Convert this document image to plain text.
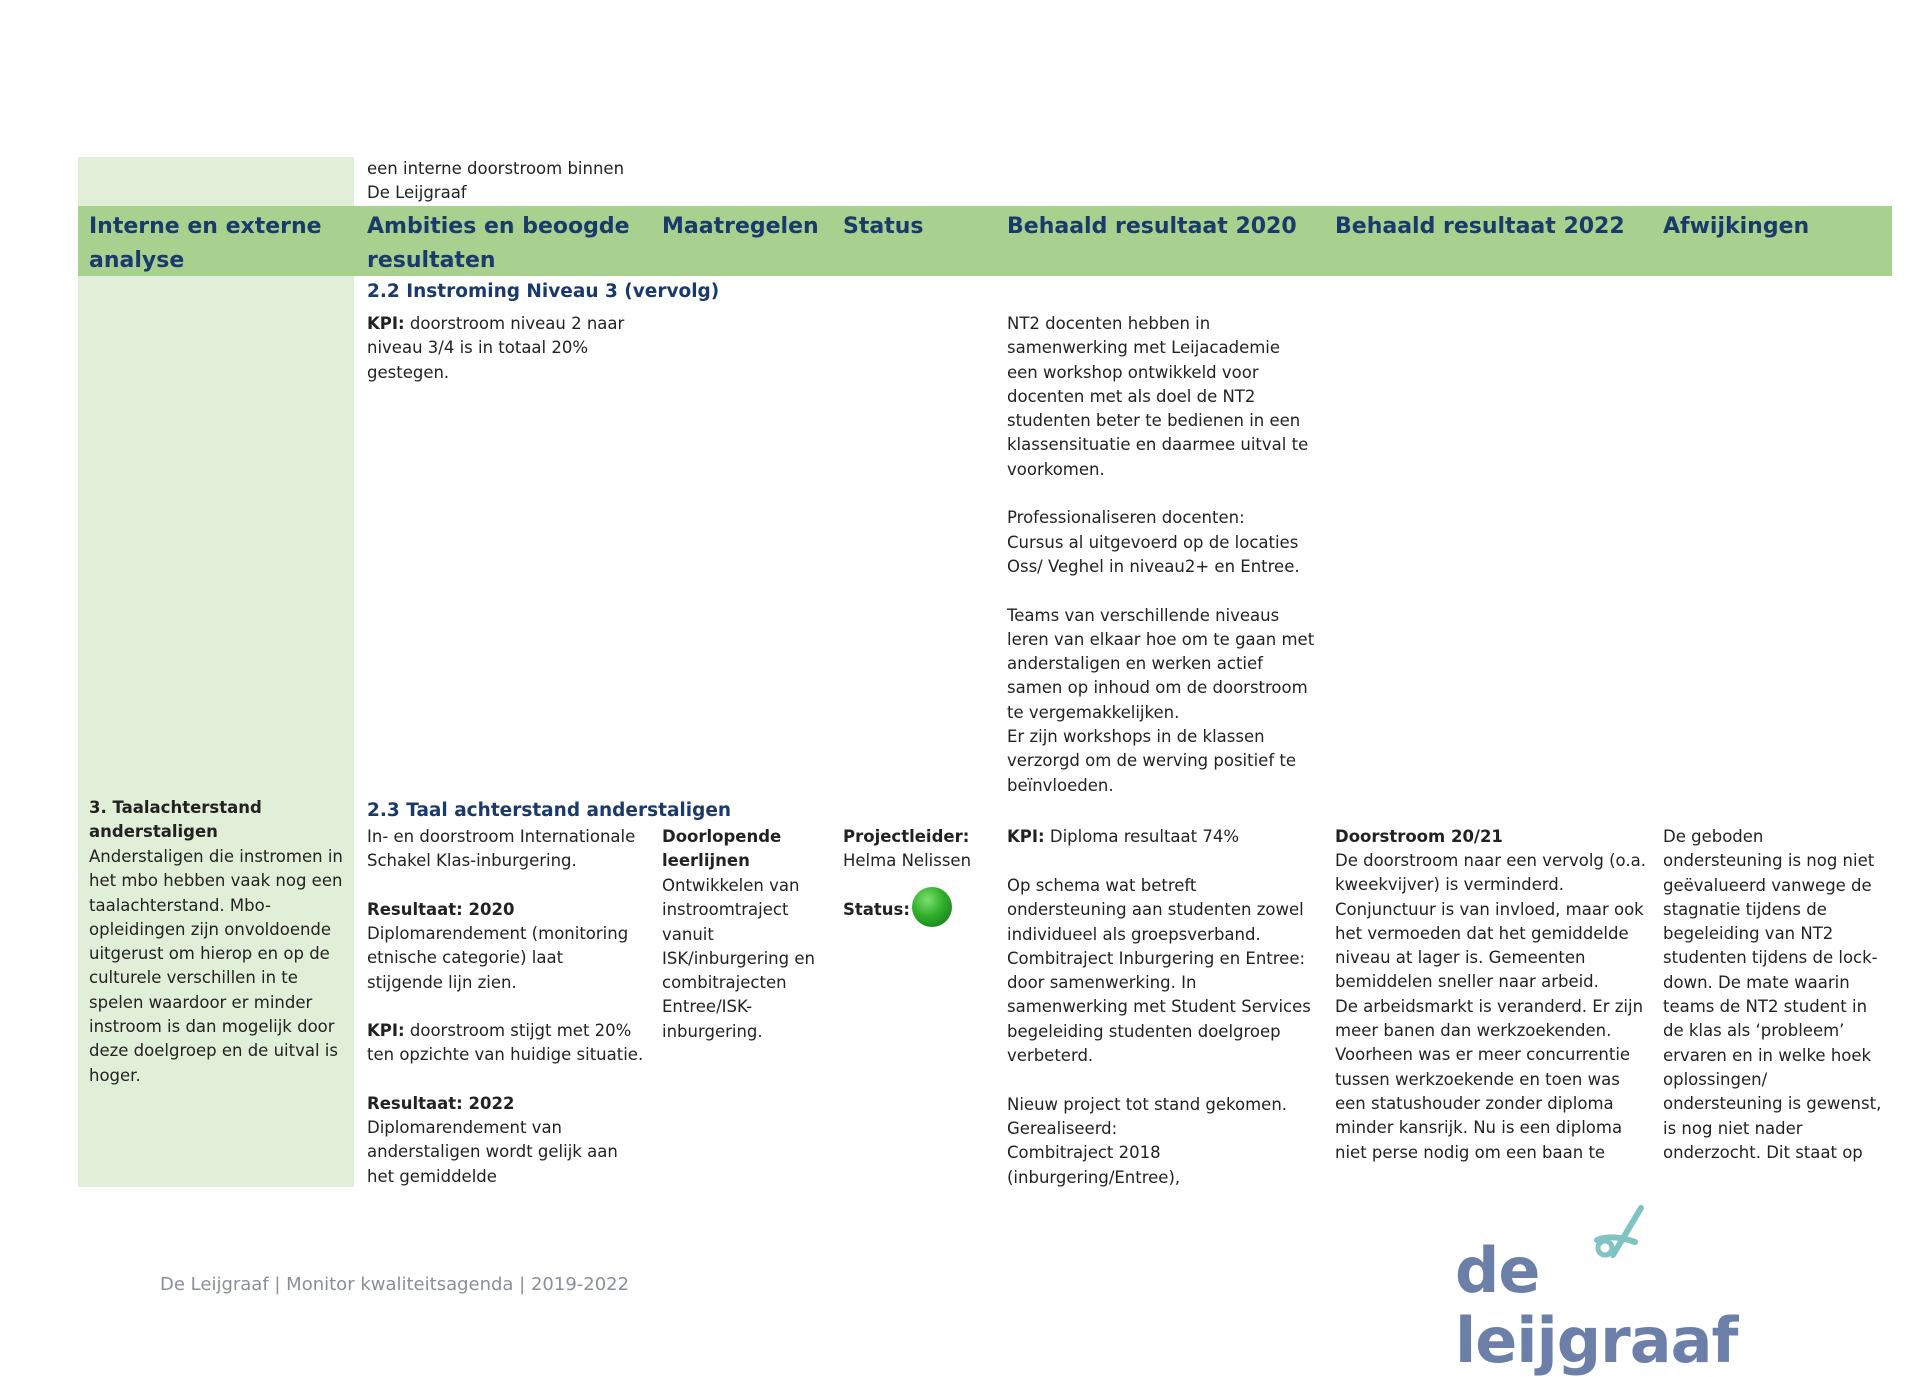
een interne doorstroom binnen
De Leijgraaf
Interne en externe
analyse
Ambities en beoogde
resultaten
Maatregelen Status	Behaald resultaat 2020 Behaald resultaat 2022 Afwijkingen
2.2 Instroming Niveau 3 (vervolg)
KPI: doorstroom niveau 2 naar
niveau 3/4 is in totaal 20%
gestegen.
NT2 docenten hebben in
samenwerking met Leijacademie
een workshop ontwikkeld voor
docenten met als doel de NT2
studenten beter te bedienen in een
klassensituatie en daarmee uitval te
voorkomen.

Professionaliseren docenten:
Cursus al uitgevoerd op de locaties
Oss/ Veghel in niveau2+ en Entree.

Teams van verschillende niveaus
leren van elkaar hoe om te gaan met
anderstaligen en werken actief
samen op inhoud om de doorstroom
te vergemakkelijken.
Er zijn workshops in de klassen
verzorgd om de werving positief te
beïnvloeden.
3. Taalachterstand
anderstaligen
Anderstaligen die instromen in
het mbo hebben vaak nog een
taalachterstand. Mbo-
opleidingen zijn onvoldoende
uitgerust om hierop en op de
culturele verschillen in te
spelen waardoor er minder
instroom is dan mogelijk door
deze doelgroep en de uitval is
hoger.
2.3 Taal achterstand anderstaligen
In- en doorstroom Internationale
Schakel Klas-inburgering.
Resultaat: 2020
Diplomarendement (monitoring
etnische categorie) laat
stijgende lijn zien.
KPI: doorstroom stijgt met 20%
ten opzichte van huidige situatie.
Resultaat: 2022
Diplomarendement van
anderstaligen wordt gelijk aan
het gemiddelde
Doorlopende
leerlijnen
Ontwikkelen van
instroomtraject
vanuit
ISK/inburgering en
combitrajecten
Entree/ISK-
inburgering.
Projectleider:
Helma Nelissen
Status:
KPI: Diploma resultaat 74%
Op schema wat betreft
ondersteuning aan studenten zowel
individueel als groepsverband.
Combitraject Inburgering en Entree:
door samenwerking. In
samenwerking met Student Services
begeleiding studenten doelgroep
verbeterd.

Nieuw project tot stand gekomen.
Gerealiseerd:
Combitraject 2018
(inburgering/Entree),
Doorstroom 20/21
De doorstroom naar een vervolg (o.a.
kweekvijver) is verminderd.
Conjunctuur is van invloed, maar ook
het vermoeden dat het gemiddelde
niveau at lager is. Gemeenten
bemiddelen sneller naar arbeid.
De arbeidsmarkt is veranderd. Er zijn
meer banen dan werkzoekenden.
Voorheen was er meer concurrentie
tussen werkzoekende en toen was
een statushouder zonder diploma
minder kansrijk. Nu is een diploma
niet perse nodig om een baan te
De geboden
ondersteuning is nog niet
geëvalueerd vanwege de
stagnatie tijdens de
begeleiding van NT2
studenten tijdens de lock-
down. De mate waarin
teams de NT2 student in
de klas als ‘probleem’
ervaren en in welke hoek
oplossingen/
ondersteuning is gewenst,
is nog niet nader
onderzocht. Dit staat op
De Leijgraaf | Monitor kwaliteitsagenda | 2019-2022	de leijgraaf
